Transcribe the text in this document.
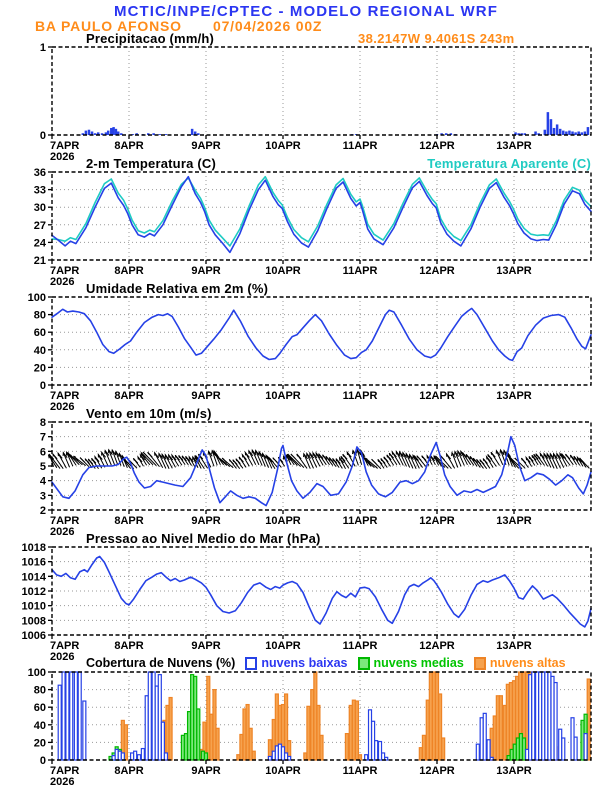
0
1
7APR	8APR	9APR	10APR	11APR	12APR	13APR
2026
21
24
27
30
33
36
7APR	8APR	9APR	10APR	11APR	12APR	13APR
2026
0
20
40
60
80
100
7APR	8APR	9APR	10APR	11APR	12APR	13APR
2026
2
3
4
5
6
7
8
7APR	8APR	9APR	10APR	11APR	12APR	13APR
2026
1006
1008
1010
1012
1014
1016
1018
7APR	8APR	9APR	10APR	11APR	12APR	13APR
2026
0
20
40
60
80
100
7APR	8APR	9APR	10APR	11APR	12APR	13APR
2026
MCTIC/INPE/CPTEC - MODELO REGIONAL WRF
BA PAULO AFONSO 07/04/2026 00Z
38.2147W 9.4061S 243m
Precipitacao (mm/h)
2-m Temperatura (C)	Temperatura Aparente (C)
Umidade Relativa em 2m (%)
Vento em 10m (m/s)
Pressao ao Nivel Medio do Mar (hPa)
Cobertura de Nuvens (%) nuvens baixas nuvens medias nuvens altas
